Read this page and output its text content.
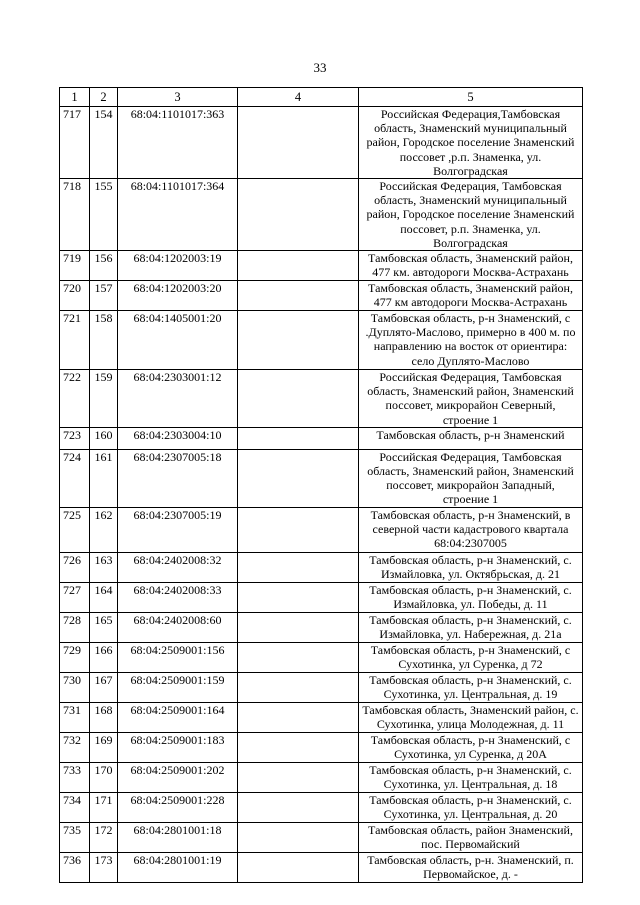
33
1	2	3	4	5
717	154	68:04:1101017:363		Российская Федерация,Тамбовская область, Знаменский муниципальный район, Городское поселение Знаменский поссовет ,р.п. Знаменка, ул. Волгоградская
718	155	68:04:1101017:364		Российская Федерация, Тамбовская область, Знаменский муниципальный район, Городское поселение Знаменский поссовет, р.п. Знаменка, ул. Волгоградская
719	156	68:04:1202003:19		Тамбовская область, Знаменский район, 477 км. автодороги Москва-Астрахань
720	157	68:04:1202003:20		Тамбовская область, Знаменский район, 477 км автодороги Москва-Астрахань
721	158	68:04:1405001:20		Тамбовская область, р-н Знаменский, с .Дуплято-Маслово, примерно в 400 м. по направлению на восток от ориентира: село Дуплято-Маслово
722	159	68:04:2303001:12		Российская Федерация, Тамбовская область, Знаменский район, Знаменский поссовет, микрорайон Северный, строение 1
723	160	68:04:2303004:10		Тамбовская область, р-н Знаменский
724	161	68:04:2307005:18		Российская Федерация, Тамбовская область, Знаменский район, Знаменский поссовет, микрорайон Западный, строение 1
725	162	68:04:2307005:19		Тамбовская область, р-н Знаменский, в северной части кадастрового квартала 68:04:2307005
726	163	68:04:2402008:32		Тамбовская область, р-н Знаменский, с. Измайловка, ул. Октябрьская, д. 21
727	164	68:04:2402008:33		Тамбовская область, р-н Знаменский, с. Измайловка, ул. Победы, д. 11
728	165	68:04:2402008:60		Тамбовская область, р-н Знаменский, с. Измайловка, ул. Набережная, д. 21а
729	166	68:04:2509001:156		Тамбовская область, р-н Знаменский, с Сухотинка, ул Суренка, д 72
730	167	68:04:2509001:159		Тамбовская область, р-н Знаменский, с. Сухотинка, ул. Центральная, д. 19
731	168	68:04:2509001:164		Тамбовская область, Знаменский район, с. Сухотинка, улица Молодежная, д. 11
732	169	68:04:2509001:183		Тамбовская область, р-н Знаменский, с Сухотинка, ул Суренка, д 20А
733	170	68:04:2509001:202		Тамбовская область, р-н Знаменский, с. Сухотинка, ул. Центральная, д. 18
734	171	68:04:2509001:228		Тамбовская область, р-н Знаменский, с. Сухотинка, ул. Центральная, д. 20
735	172	68:04:2801001:18		Тамбовская область, район Знаменский, пос. Первомайский
736	173	68:04:2801001:19		Тамбовская область, р-н. Знаменский, п. Первомайское, д. -
